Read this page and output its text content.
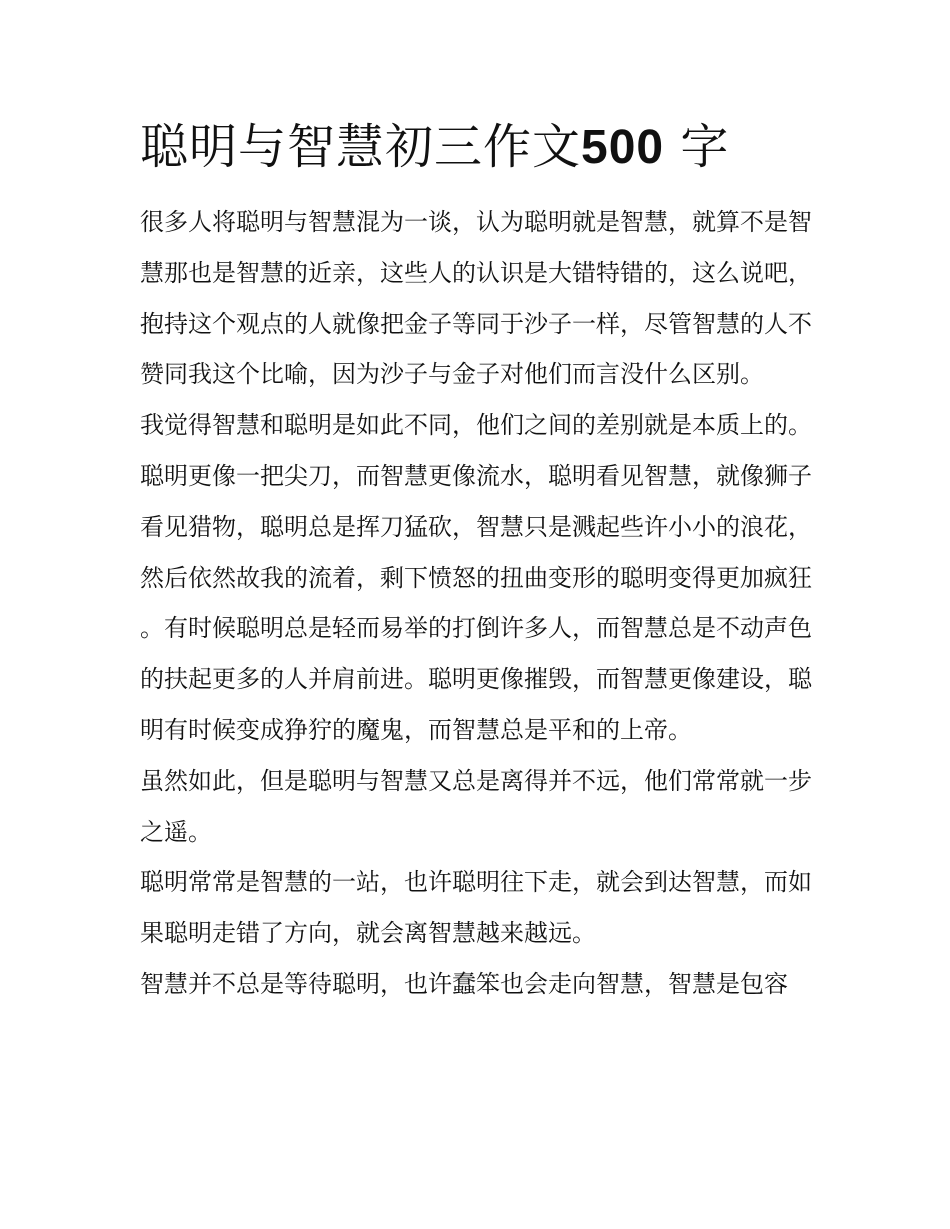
聪明与智慧初三作文500 字

很多人将聪明与智慧混为一谈，认为聪明就是智慧，就算不是智慧那也是智慧的近亲，这些人的认识是大错特错的，这么说吧，抱持这个观点的人就像把金子等同于沙子一样，尽管智慧的人不赞同我这个比喻，因为沙子与金子对他们而言没什么区别。

我觉得智慧和聪明是如此不同，他们之间的差别就是本质上的。聪明更像一把尖刀，而智慧更像流水，聪明看见智慧，就像狮子看见猎物，聪明总是挥刀猛砍，智慧只是溅起些许小小的浪花，然后依然故我的流着，剩下愤怒的扭曲变形的聪明变得更加疯狂。有时候聪明总是轻而易举的打倒许多人，而智慧总是不动声色的扶起更多的人并肩前进。聪明更像摧毁，而智慧更像建设，聪明有时候变成狰狞的魔鬼，而智慧总是平和的上帝。

虽然如此，但是聪明与智慧又总是离得并不远，他们常常就一步之遥。

聪明常常是智慧的一站，也许聪明往下走，就会到达智慧，而如果聪明走错了方向，就会离智慧越来越远。

智慧并不总是等待聪明，也许蠢笨也会走向智慧，智慧是包容
